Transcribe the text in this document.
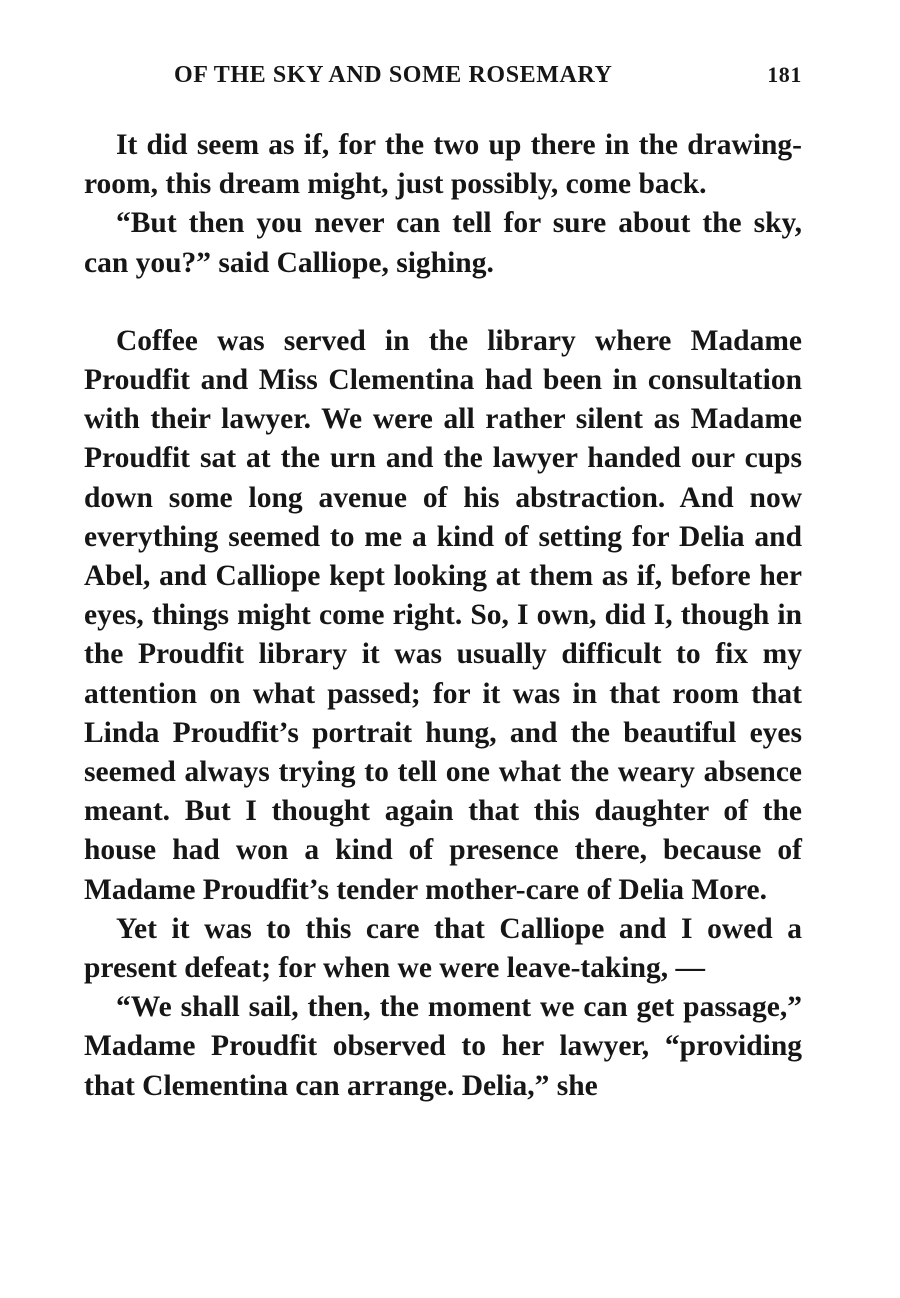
OF THE SKY AND SOME ROSEMARY	181

It did seem as if, for the two up there in the drawing-room, this dream might, just possibly, come back.

“But then you never can tell for sure about the sky, can you?” said Calliope, sighing.

Coffee was served in the library where Madame Proudfit and Miss Clementina had been in consultation with their lawyer. We were all rather silent as Madame Proudfit sat at the urn and the lawyer handed our cups down some long avenue of his abstraction. And now everything seemed to me a kind of setting for Delia and Abel, and Calliope kept looking at them as if, before her eyes, things might come right. So, I own, did I, though in the Proudfit library it was usually difficult to fix my attention on what passed; for it was in that room that Linda Proudfit’s portrait hung, and the beautiful eyes seemed always trying to tell one what the weary absence meant. But I thought again that this daughter of the house had won a kind of presence there, because of Madame Proudfit’s tender mother-care of Delia More.

Yet it was to this care that Calliope and I owed a present defeat; for when we were leave-taking, —

“We shall sail, then, the moment we can get passage,” Madame Proudfit observed to her lawyer, “providing that Clementina can arrange. Delia,” she
